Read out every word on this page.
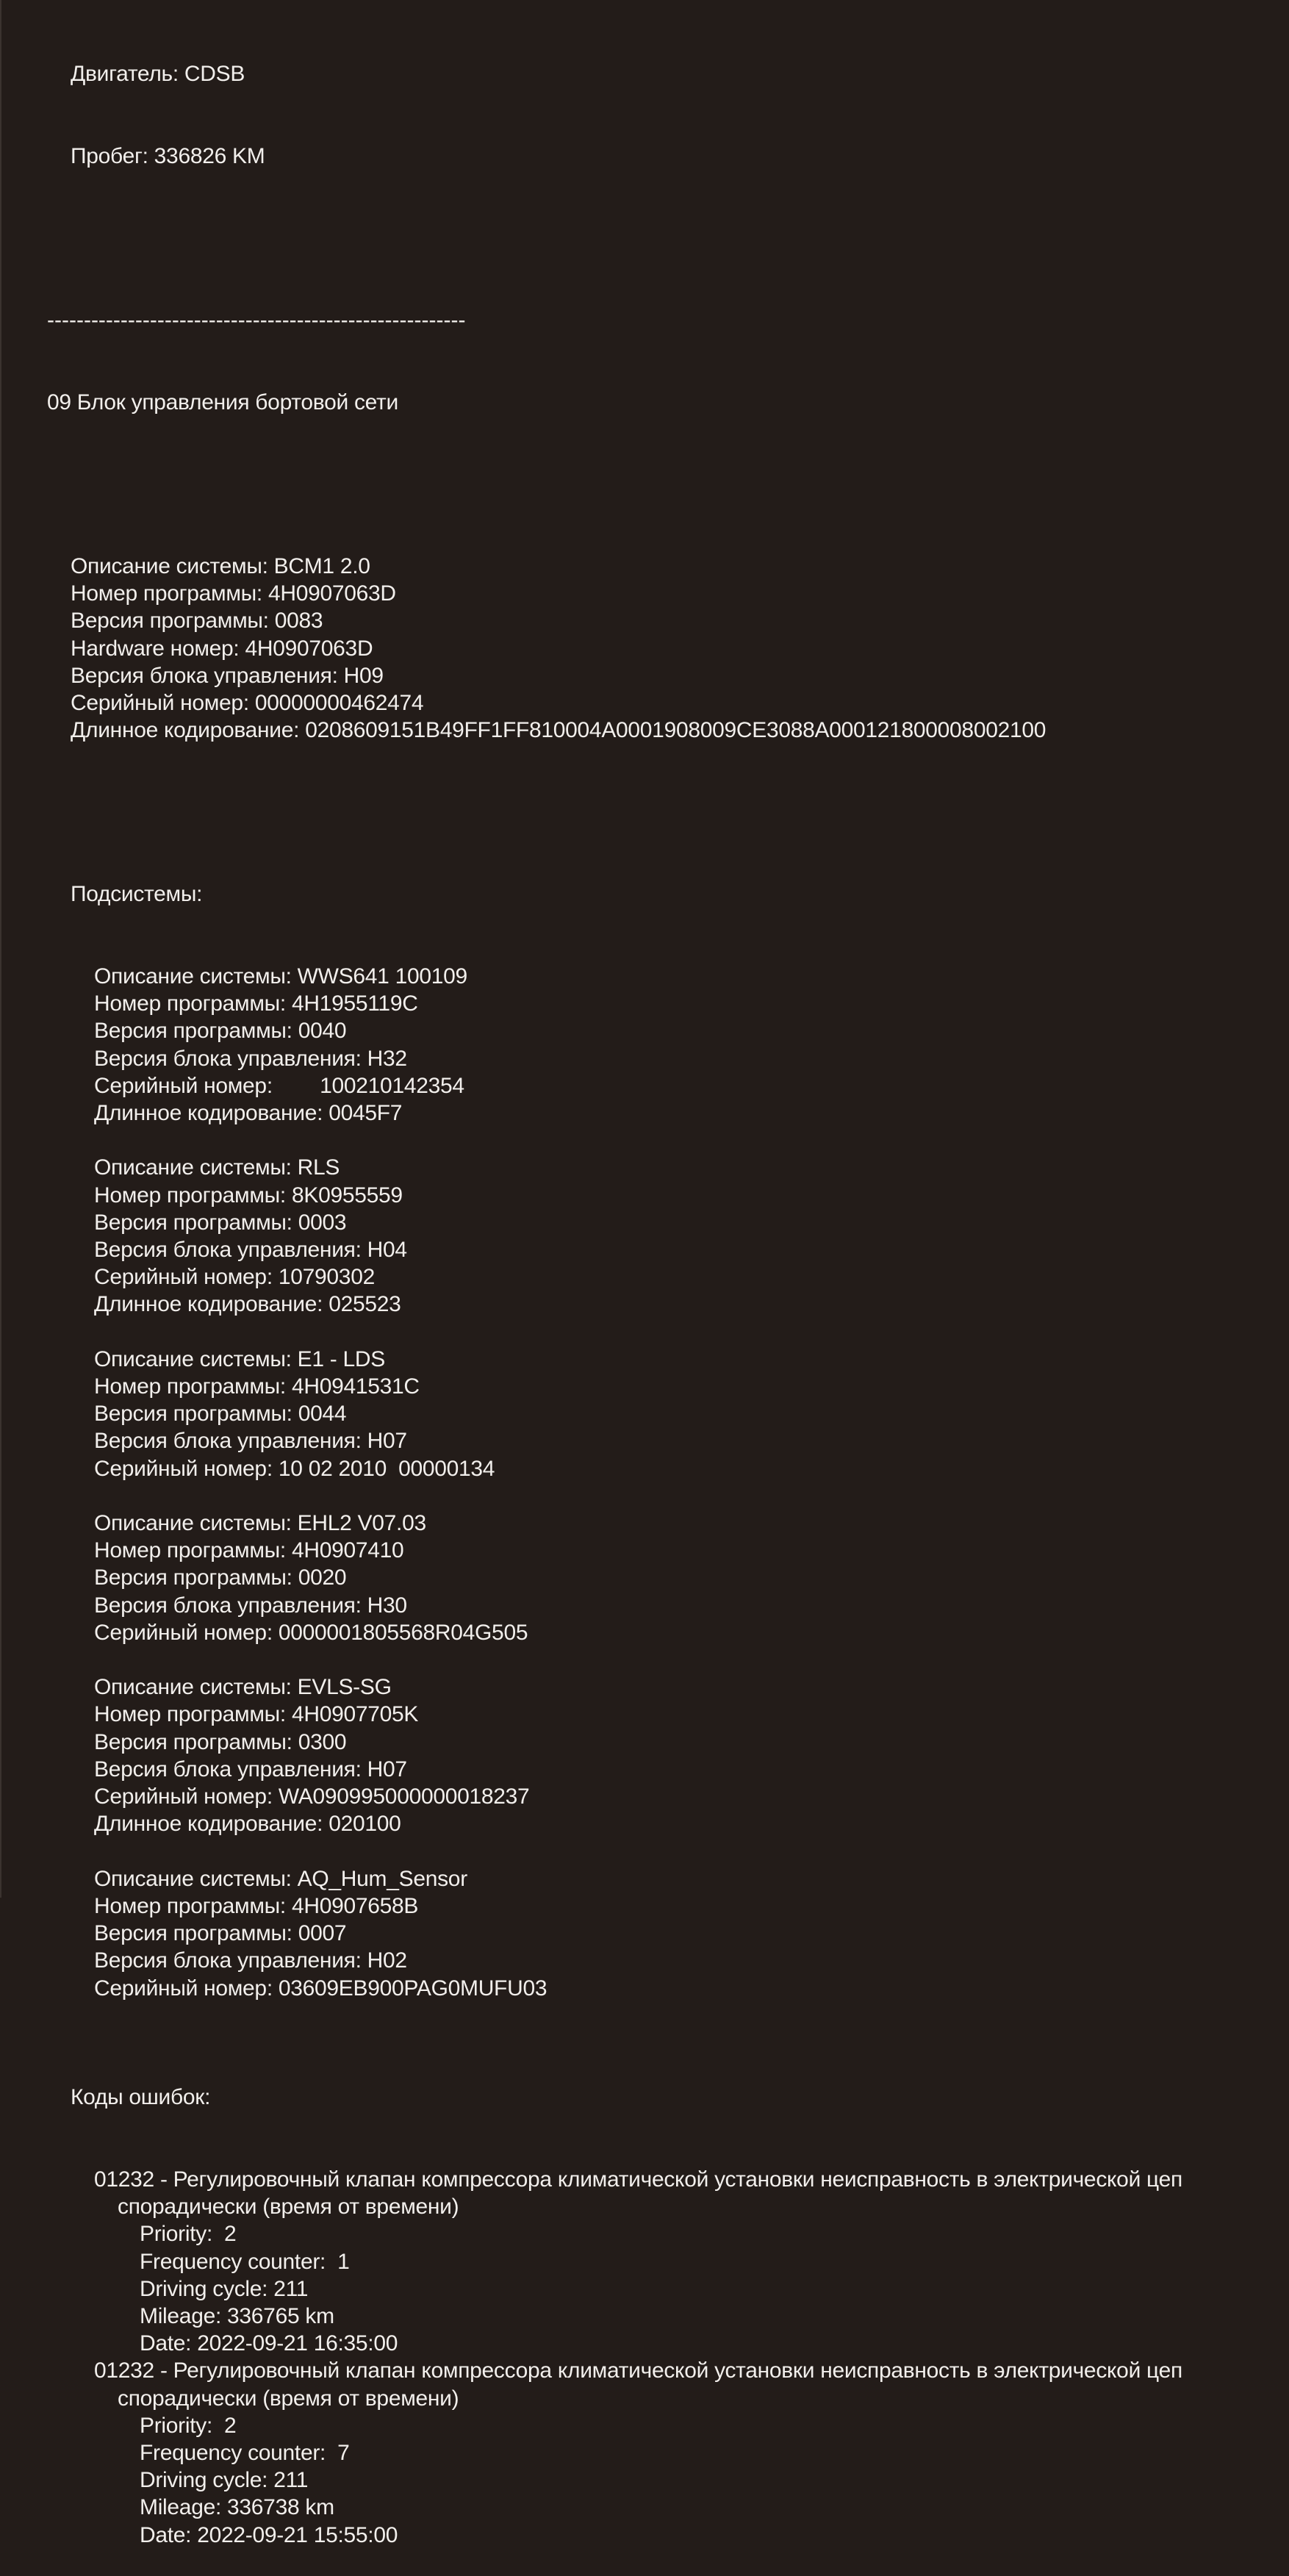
Двигатель: CDSB

Пробег: 336826 KM

---------------------------------------------------------

09 Блок управления бортовой сети

Описание системы: BCM1 2.0
Номер программы: 4H0907063D
Версия программы: 0083
Hardware номер: 4H0907063D
Версия блока управления: H09
Серийный номер: 00000000462474
Длинное кодирование: 0208609151B49FF1FF810004A0001908009CE3088A000121800008002100

Подсистемы:

Описание системы: WWS641 100109
Номер программы: 4H1955119C
Версия программы: 0040
Версия блока управления: H32
Серийный номер:        100210142354
Длинное кодирование: 0045F7
Описание системы: RLS
Номер программы: 8K0955559
Версия программы: 0003
Версия блока управления: H04
Серийный номер: 10790302
Длинное кодирование: 025523
Описание системы: E1 - LDS
Номер программы: 4H0941531C
Версия программы: 0044
Версия блока управления: H07
Серийный номер: 10 02 2010  00000134
Описание системы: EHL2 V07.03
Номер программы: 4H0907410
Версия программы: 0020
Версия блока управления: H30
Серийный номер: 0000001805568R04G505
Описание системы: EVLS-SG
Номер программы: 4H0907705K
Версия программы: 0300
Версия блока управления: H07
Серийный номер: WA090995000000018237
Длинное кодирование: 020100
Описание системы: AQ_Hum_Sensor
Номер программы: 4H0907658B
Версия программы: 0007
Версия блока управления: H02
Серийный номер: 03609EB900PAG0MUFU03

Коды ошибок:

01232 - Регулировочный клапан компрессора климатической установки неисправность в электрической цеп
спорадически (время от времени)
Priority:  2
Frequency counter:  1
Driving cycle: 211
Mileage: 336765 km
Date: 2022-09-21 16:35:00
01232 - Регулировочный клапан компрессора климатической установки неисправность в электрической цеп
спорадически (время от времени)
Priority:  2
Frequency counter:  7
Driving cycle: 211
Mileage: 336738 km
Date: 2022-09-21 15:55:00
